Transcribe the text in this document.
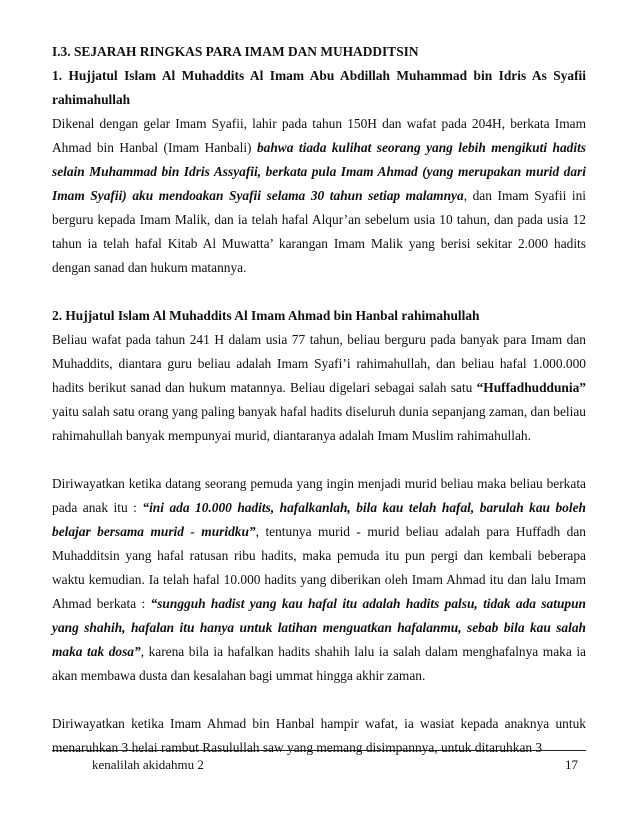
I.3. SEJARAH RINGKAS PARA IMAM DAN MUHADDITSIN

1. Hujjatul Islam Al Muhaddits Al Imam Abu Abdillah Muhammad bin Idris As Syafii rahimahullah

Dikenal dengan gelar Imam Syafii, lahir pada tahun 150H dan wafat pada 204H, berkata Imam Ahmad bin Hanbal (Imam Hanbali) bahwa tiada kulihat seorang yang lebih mengikuti hadits selain Muhammad bin Idris Assyafii, berkata pula Imam Ahmad (yang merupakan murid dari Imam Syafii) aku mendoakan Syafii selama 30 tahun setiap malamnya, dan Imam Syafii ini berguru kepada Imam Malik, dan ia telah hafal Alqur’an sebelum usia 10 tahun, dan pada usia 12 tahun ia telah hafal Kitab Al Muwatta’ karangan Imam Malik yang berisi sekitar 2.000 hadits dengan sanad dan hukum matannya.

2. Hujjatul Islam Al Muhaddits Al Imam Ahmad bin Hanbal rahimahullah

Beliau wafat pada tahun 241 H dalam usia 77 tahun, beliau berguru pada banyak para Imam dan Muhaddits, diantara guru beliau adalah Imam Syafi’i rahimahullah, dan beliau hafal 1.000.000 hadits berikut sanad dan hukum matannya. Beliau digelari sebagai salah satu “Huffadhuddunia” yaitu salah satu orang yang paling banyak hafal hadits diseluruh dunia sepanjang zaman, dan beliau rahimahullah banyak mempunyai murid, diantaranya adalah Imam Muslim rahimahullah.

Diriwayatkan ketika datang seorang pemuda yang ingin menjadi murid beliau maka beliau berkata pada anak itu : “ini ada 10.000 hadits, hafalkanlah, bila kau telah hafal, barulah kau boleh belajar bersama murid - muridku”, tentunya murid - murid beliau adalah para Huffadh dan Muhadditsin yang hafal ratusan ribu hadits, maka pemuda itu pun pergi dan kembali beberapa waktu kemudian. Ia telah hafal 10.000 hadits yang diberikan oleh Imam Ahmad itu dan lalu Imam Ahmad berkata : “sungguh hadist yang kau hafal itu adalah hadits palsu, tidak ada satupun yang shahih, hafalan itu hanya untuk latihan menguatkan hafalanmu, sebab bila kau salah maka tak dosa”, karena bila ia hafalkan hadits shahih lalu ia salah dalam menghafalnya maka ia akan membawa dusta dan kesalahan bagi ummat hingga akhir zaman.

Diriwayatkan ketika Imam Ahmad bin Hanbal hampir wafat, ia wasiat kepada anaknya untuk menaruhkan 3 helai rambut Rasulullah saw yang memang disimpannya, untuk ditaruhkan 3

kenalilah akidahmu 2	17
